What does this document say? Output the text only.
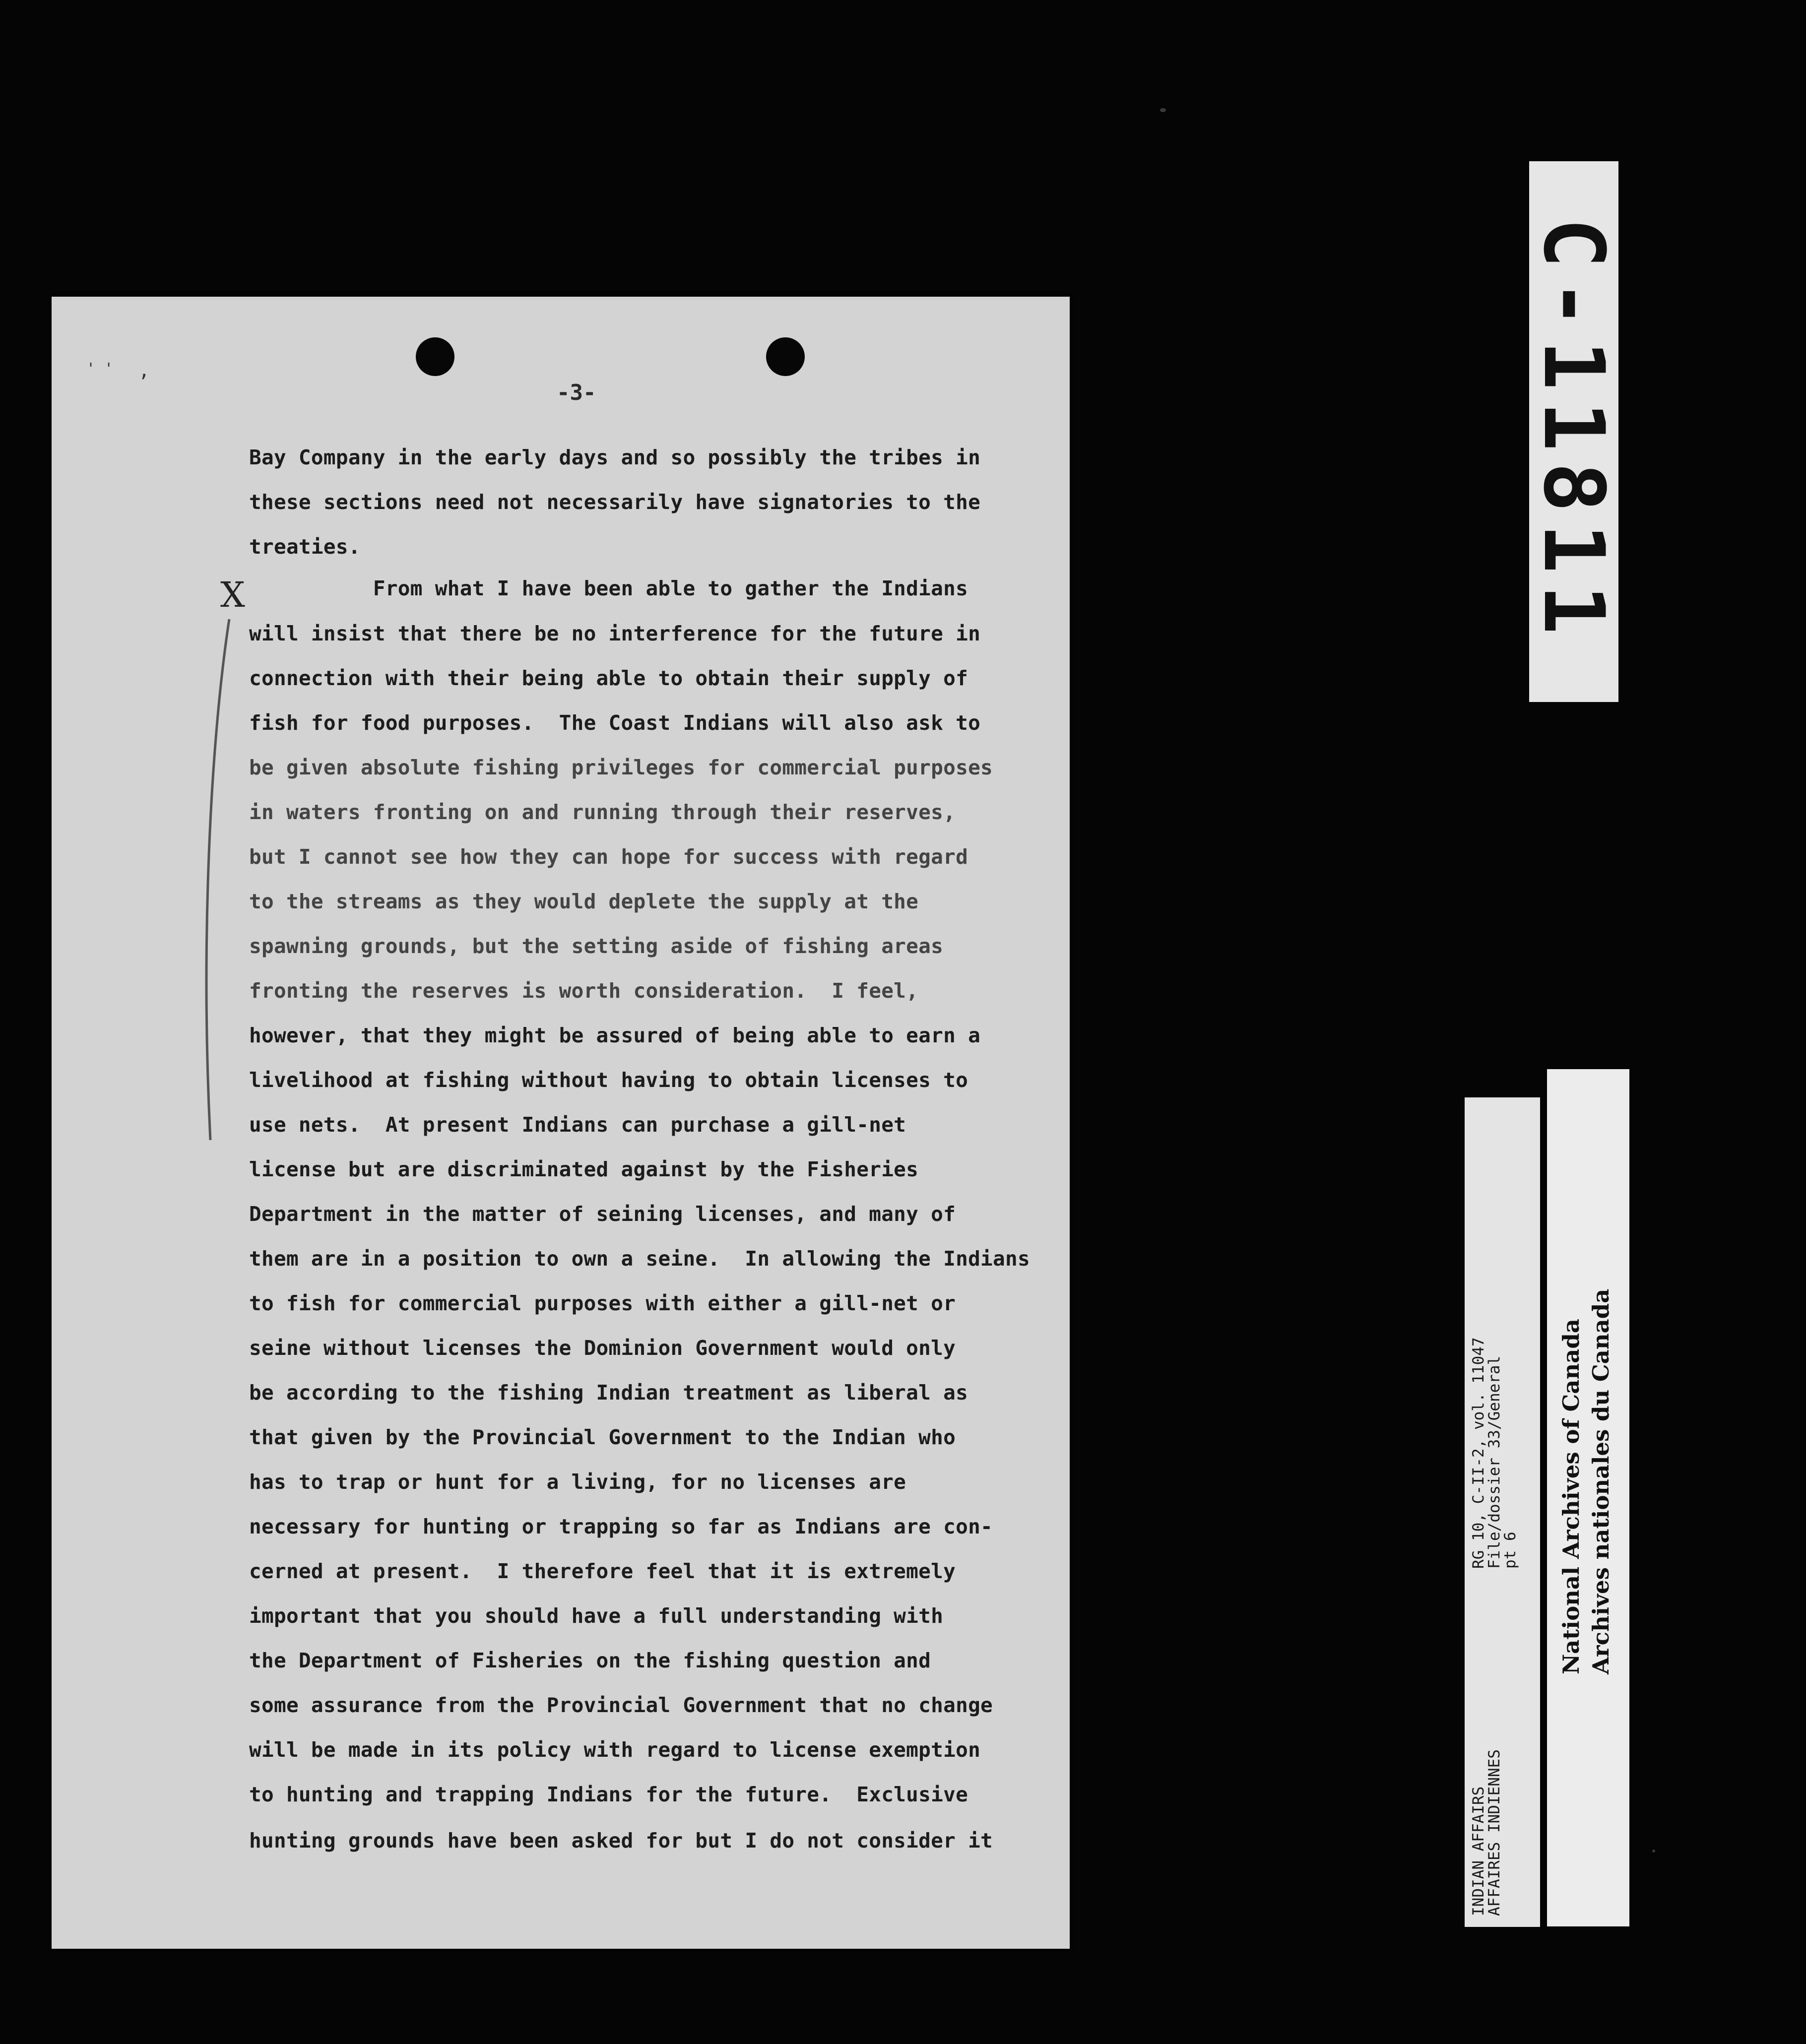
-3-
' ' ,
X
Bay Company in the early days and so possibly the tribes in
these sections need not necessarily have signatories to the
treaties.
From what I have been able to gather the Indians
will insist that there be no interference for the future in
connection with their being able to obtain their supply of
fish for food purposes.  The Coast Indians will also ask to
be given absolute fishing privileges for commercial purposes
in waters fronting on and running through their reserves,
but I cannot see how they can hope for success with regard
to the streams as they would deplete the supply at the
spawning grounds, but the setting aside of fishing areas
fronting the reserves is worth consideration.  I feel,
however, that they might be assured of being able to earn a
livelihood at fishing without having to obtain licenses to
use nets.  At present Indians can purchase a gill-net
license but are discriminated against by the Fisheries
Department in the matter of seining licenses, and many of
them are in a position to own a seine.  In allowing the Indians
to fish for commercial purposes with either a gill-net or
seine without licenses the Dominion Government would only
be according to the fishing Indian treatment as liberal as
that given by the Provincial Government to the Indian who
has to trap or hunt for a living, for no licenses are
necessary for hunting or trapping so far as Indians are con-
cerned at present.  I therefore feel that it is extremely
important that you should have a full understanding with
the Department of Fisheries on the fishing question and
some assurance from the Provincial Government that no change
will be made in its policy with regard to license exemption
to hunting and trapping Indians for the future.  Exclusive
hunting grounds have been asked for but I do not consider it
C-11811
INDIAN AFFAIRS
AFFAIRES INDIENNES
RG 10, C-II-2, vol. 11047
File/dossier 33/General
pt 6 National Archives of Canada Archives nationales du Canada
